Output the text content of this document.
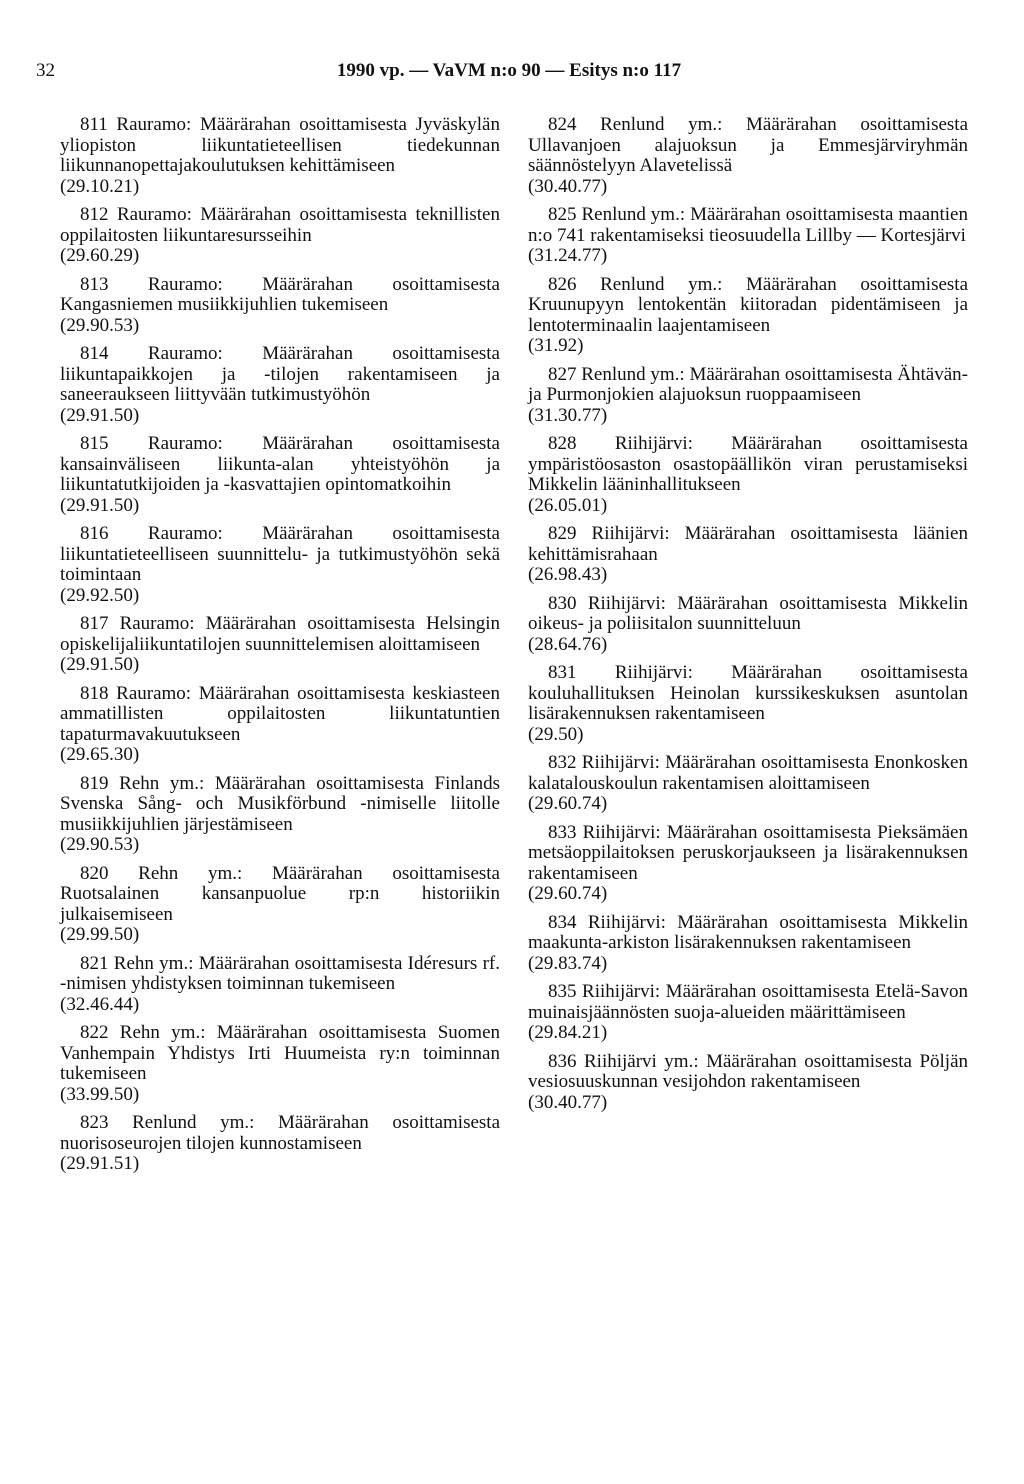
32	1990 vp. — VaVM n:o 90 — Esitys n:o 117
811 Rauramo: Määrärahan osoittamisesta Jyväskylän yliopiston liikuntatieteellisen tiedekunnan liikunnanopettajakoulutuksen kehittämiseen
(29.10.21)
812 Rauramo: Määrärahan osoittamisesta teknillisten oppilaitosten liikuntaresursseihin
(29.60.29)
813 Rauramo: Määrärahan osoittamisesta Kangasniemen musiikkijuhlien tukemiseen
(29.90.53)
814 Rauramo: Määrärahan osoittamisesta liikuntapaikkojen ja -tilojen rakentamiseen ja saneeraukseen liittyvään tutkimustyöhön
(29.91.50)
815 Rauramo: Määrärahan osoittamisesta kansainväliseen liikunta-alan yhteistyöhön ja liikuntatutkijoiden ja -kasvattajien opintomatkoihin
(29.91.50)
816 Rauramo: Määrärahan osoittamisesta liikuntatieteelliseen suunnittelu- ja tutkimustyöhön sekä toimintaan
(29.92.50)
817 Rauramo: Määrärahan osoittamisesta Helsingin opiskelijaliikuntatilojen suunnittelemisen aloittamiseen
(29.91.50)
818 Rauramo: Määrärahan osoittamisesta keskiasteen ammatillisten oppilaitosten liikuntatuntien tapaturmavakuutukseen
(29.65.30)
819 Rehn ym.: Määrärahan osoittamisesta Finlands Svenska Sång- och Musikförbund -nimiselle liitolle musiikkijuhlien järjestämiseen
(29.90.53)
820 Rehn ym.: Määrärahan osoittamisesta Ruotsalainen kansanpuolue rp:n historiikin julkaisemiseen
(29.99.50)
821 Rehn ym.: Määrärahan osoittamisesta Idéresurs rf. -nimisen yhdistyksen toiminnan tukemiseen
(32.46.44)
822 Rehn ym.: Määrärahan osoittamisesta Suomen Vanhempain Yhdistys Irti Huumeista ry:n toiminnan tukemiseen
(33.99.50)
823 Renlund ym.: Määrärahan osoittamisesta nuorisoseurojen tilojen kunnostamiseen
(29.91.51)
824 Renlund ym.: Määrärahan osoittamisesta Ullavanjoen alajuoksun ja Emmesjärviryhmän säännöstelyyn Alavetelissä
(30.40.77)
825 Renlund ym.: Määrärahan osoittamisesta maantien n:o 741 rakentamiseksi tieosuudella Lillby — Kortesjärvi
(31.24.77)
826 Renlund ym.: Määrärahan osoittamisesta Kruunupyyn lentokentän kiitoradan pidentämiseen ja lentoterminaalin laajentamiseen
(31.92)
827 Renlund ym.: Määrärahan osoittamisesta Ähtävän- ja Purmonjokien alajuoksun ruoppaamiseen
(31.30.77)
828 Riihijärvi: Määrärahan osoittamisesta ympäristöosaston osastopäällikön viran perustamiseksi Mikkelin lääninhallitukseen
(26.05.01)
829 Riihijärvi: Määrärahan osoittamisesta läänien kehittämisrahaan
(26.98.43)
830 Riihijärvi: Määrärahan osoittamisesta Mikkelin oikeus- ja poliisitalon suunnitteluun
(28.64.76)
831 Riihijärvi: Määrärahan osoittamisesta kouluhallituksen Heinolan kurssikeskuksen asuntolan lisärakennuksen rakentamiseen
(29.50)
832 Riihijärvi: Määrärahan osoittamisesta Enonkosken kalatalouskoulun rakentamisen aloittamiseen
(29.60.74)
833 Riihijärvi: Määrärahan osoittamisesta Pieksämäen metsäoppilaitoksen peruskorjaukseen ja lisärakennuksen rakentamiseen
(29.60.74)
834 Riihijärvi: Määrärahan osoittamisesta Mikkelin maakunta-arkiston lisärakennuksen rakentamiseen
(29.83.74)
835 Riihijärvi: Määrärahan osoittamisesta Etelä-Savon muinaisjäännösten suoja-alueiden määrittämiseen
(29.84.21)
836 Riihijärvi ym.: Määrärahan osoittamisesta Pöljän vesiosuuskunnan vesijohdon rakentamiseen
(30.40.77)
